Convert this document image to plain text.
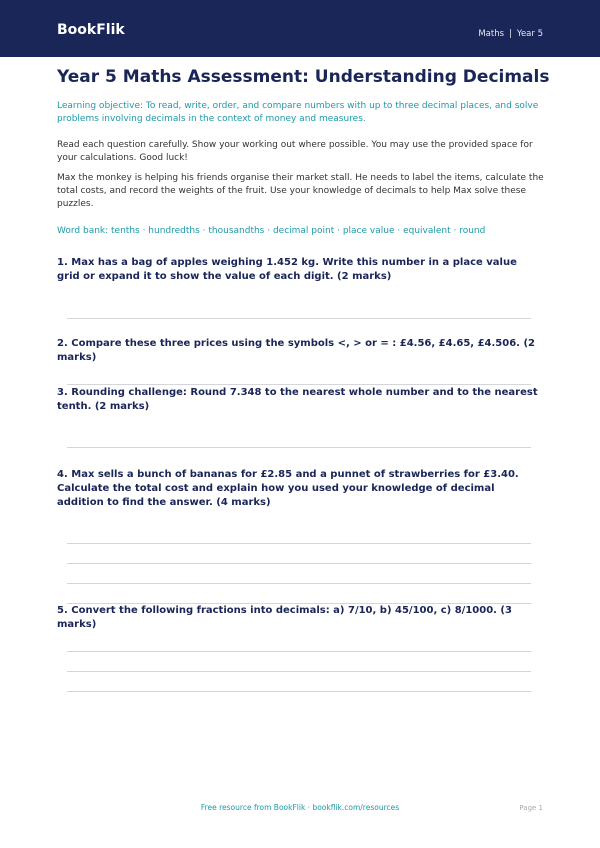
BookFlik	Maths | Year 5
Year 5 Maths Assessment: Understanding Decimals
Learning objective: To read, write, order, and compare numbers with up to three decimal places, and solve problems involving decimals in the context of money and measures.
Read each question carefully. Show your working out where possible. You may use the provided space for your calculations. Good luck!
Max the monkey is helping his friends organise their market stall. He needs to label the items, calculate the total costs, and record the weights of the fruit. Use your knowledge of decimals to help Max solve these puzzles.
Word bank: tenths · hundredths · thousandths · decimal point · place value · equivalent · round
1. Max has a bag of apples weighing 1.452 kg. Write this number in a place value grid or expand it to show the value of each digit. (2 marks)
2. Compare these three prices using the symbols <, > or = : £4.56, £4.65, £4.506. (2 marks)
3. Rounding challenge: Round 7.348 to the nearest whole number and to the nearest tenth. (2 marks)
4. Max sells a bunch of bananas for £2.85 and a punnet of strawberries for £3.40. Calculate the total cost and explain how you used your knowledge of decimal addition to find the answer. (4 marks)
5. Convert the following fractions into decimals: a) 7/10, b) 45/100, c) 8/1000. (3 marks)
Free resource from BookFlik · bookflik.com/resources	Page 1
